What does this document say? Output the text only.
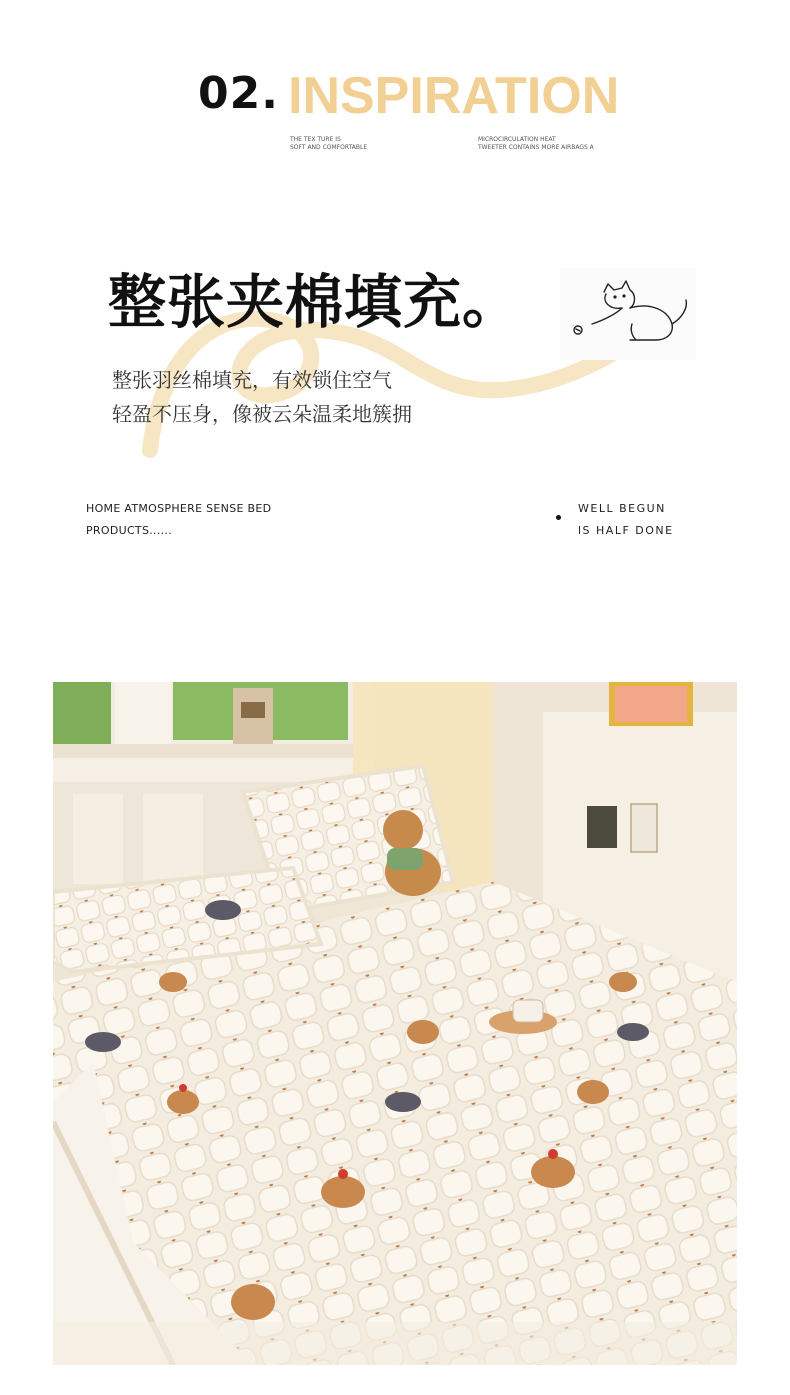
02. INSPIRATION
THE TEX TURE IS
SOFT AND COMFORTABLE
MICROCIRCULATION HEAT
TWEETER CONTAINS MORE AIRBAGS A
整张夹棉填充。
整张羽丝棉填充，有效锁住空气
轻盈不压身，像被云朵温柔地簇拥
HOME ATMOSPHERE SENSE BED
PRODUCTS......
WELL BEGUN
lS HALF DONE
